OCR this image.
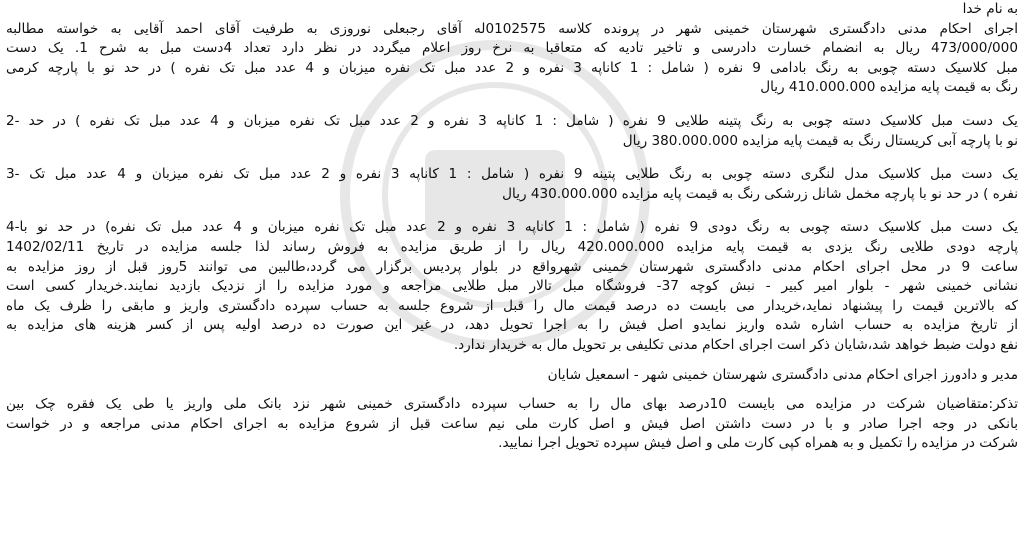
به نام خدا
اجرای احکام مدنی دادگستری شهرستان خمینی شهر در پرونده کلاسه 0102575له آقای رجبعلی نوروزی به طرفیت آقای احمد آقایی به خواسته مطالبه
473/000/000 ریال به انضمام خسارت دادرسی و تاخیر تادیه که متعاقبا به نرخ روز اعلام میگردد در نظر دارد تعداد 4دست مبل به شرح 1. یک دست
مبل کلاسیک دسته چوبی به رنگ بادامی 9 نفره ( شامل : 1 کاناپه 3 نفره و 2 عدد مبل تک نفره میزبان و 4 عدد مبل تک نفره ) در حد نو با پارچه کرمی
رنگ به قیمت پایه مزایده 410.000.000 ریال
یک دست مبل کلاسیک دسته چوبی به رنگ پتینه طلایی 9 نفره ( شامل : 1 کاناپه 3 نفره و 2 عدد مبل تک نفره میزبان و 4 عدد مبل تک نفره ) در حد -2
نو با پارچه آبی کریستال رنگ به قیمت پایه مزایده 380.000.000 ریال
یک دست مبل کلاسیک مدل لنگری دسته چوبی به رنگ طلایی پتینه 9 نفره ( شامل : 1 کاناپه 3 نفره و 2 عدد مبل تک نفره میزبان و 4 عدد مبل تک -3
نفره ) در حد نو با پارچه مخمل شانل زرشکی رنگ به قیمت پایه مزایده 430.000.000 ریال
یک دست مبل کلاسیک دسته چوبی به رنگ دودی 9 نفره ( شامل : 1 کاناپه 3 نفره و 2 عدد مبل تک نفره میزبان و 4 عدد مبل تک نفره) در حد نو با-4
پارچه دودی طلایی رنگ یزدی به قیمت پایه مزایده 420.000.000 ریال را از طریق مزایده به فروش رساند لذا جلسه مزایده در تاریخ 1402/02/11
ساعت 9 در محل اجرای احکام مدنی دادگستری شهرستان خمینی شهرواقع در بلوار پردیس برگزار می گردد،طالبین می توانند 5روز قبل از روز مزایده به
نشانی خمینی شهر - بلوار امیر کبیر - نبش کوچه 37- فروشگاه مبل تالار مبل طلایی مراجعه و مورد مزایده را از نزدیک بازدید نمایند.خریدار کسی است
که بالاترین قیمت را پیشنهاد نماید،خریدار می بایست ده درصد قیمت مال را قبل از شروع جلسه به حساب سپرده دادگستری واریز و مابقی را ظرف یک ماه
از تاریخ مزایده به حساب اشاره شده واریز نمایدو اصل فیش را به اجرا تحویل دهد، در غیر این صورت ده درصد اولیه پس از کسر هزینه های مزایده به
نفع دولت ضبط خواهد شد،شایان ذکر است اجرای احکام مدنی تکلیفی بر تحویل مال به خریدار ندارد.
مدیر و دادورز اجرای احکام مدنی دادگستری شهرستان خمینی شهر - اسمعیل شایان
تذکر:متقاضیان شرکت در مزایده می بایست 10درصد بهای مال را به حساب سپرده دادگستری خمینی شهر نزد بانک ملی واریز یا طی یک فقره چک بین
بانکی در وجه اجرا صادر و با در دست داشتن اصل فیش و اصل کارت ملی نیم ساعت قبل از شروع مزایده به اجرای احکام مدنی مراجعه و در خواست
شرکت در مزایده را تکمیل و به همراه کپی کارت ملی و اصل فیش سپرده تحویل اجرا نمایید.
